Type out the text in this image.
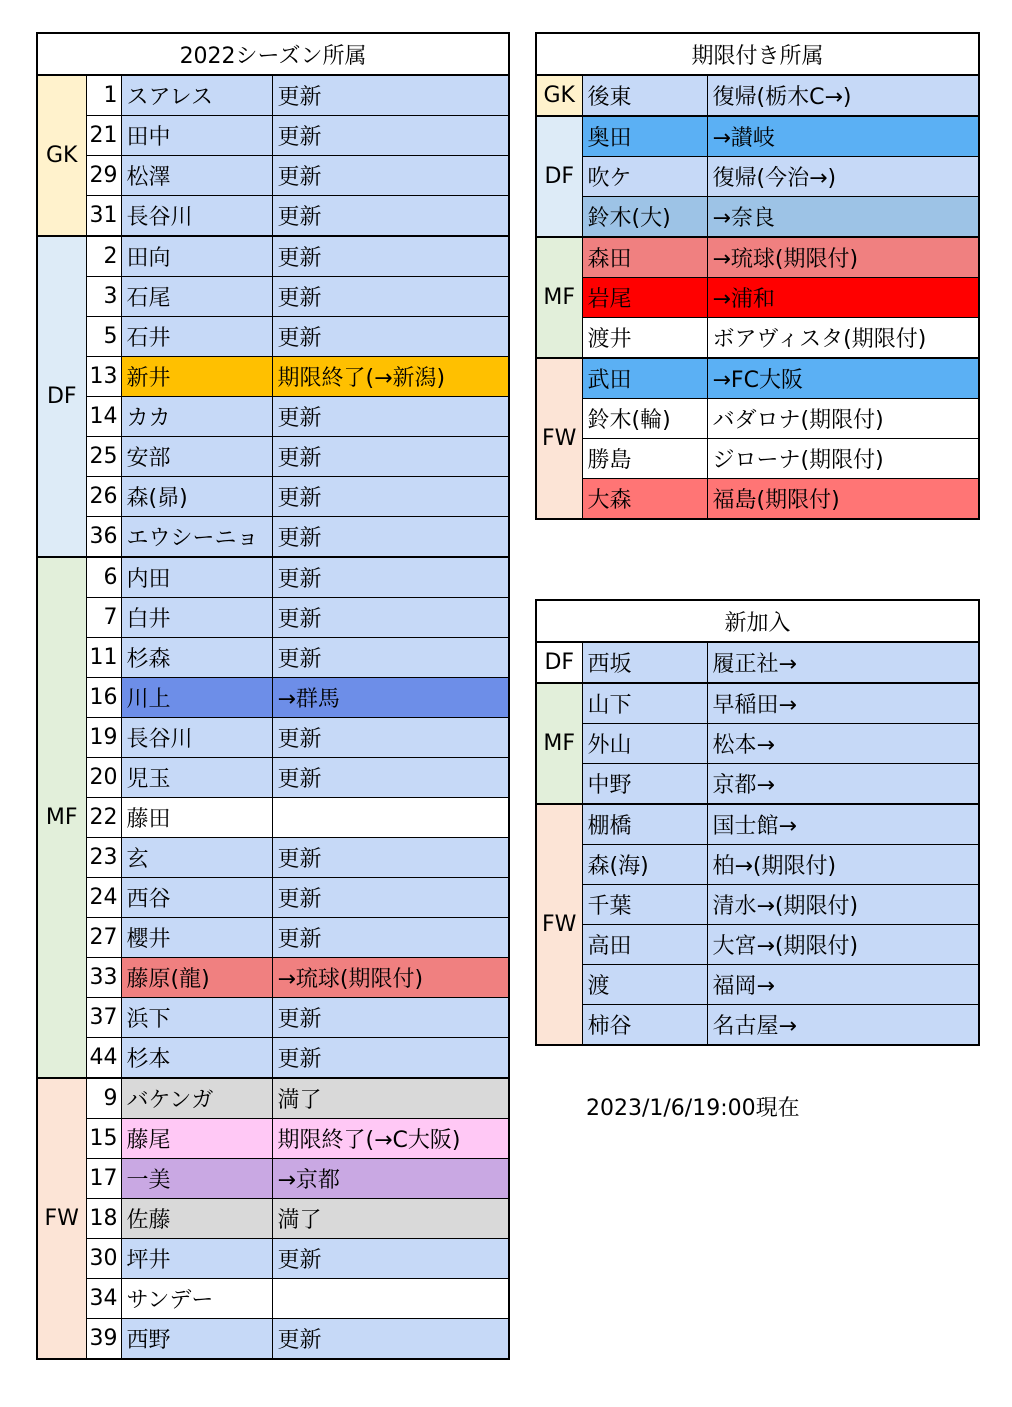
2022シーズン所属			
GK	1	スアレス	更新
	21	田中	更新
	29	松澤	更新
	31	長谷川	更新
DF	2	田向	更新
	3	石尾	更新
	5	石井	更新
	13	新井	期限終了(→新潟)
	14	カカ	更新
	25	安部	更新
	26	森(昴)	更新
	36	エウシーニョ	更新
MF	6	内田	更新
	7	白井	更新
	11	杉森	更新
	16	川上	→群馬
	19	長谷川	更新
	20	児玉	更新
	22	藤田	
	23	玄	更新
	24	西谷	更新
	27	櫻井	更新
	33	藤原(龍)	→琉球(期限付)
	37	浜下	更新
	44	杉本	更新
FW	9	バケンガ	満了
	15	藤尾	期限終了(→C大阪)
	17	一美	→京都
	18	佐藤	満了
	30	坪井	更新
	34	サンデー	
	39	西野	更新
期限付き所属		
GK	後東	復帰(栃木C→)
DF	奥田	→讃岐
	吹ケ	復帰(今治→)
	鈴木(大)	→奈良
MF	森田	→琉球(期限付)
	岩尾	→浦和
	渡井	ボアヴィスタ(期限付)
FW	武田	→FC大阪
	鈴木(輪)	バダロナ(期限付)
	勝島	ジローナ(期限付)
	大森	福島(期限付)
新加入		
DF	西坂	履正社→
MF	山下	早稲田→
	外山	松本→
	中野	京都→
FW	棚橋	国士館→
	森(海)	柏→(期限付)
	千葉	清水→(期限付)
	高田	大宮→(期限付)
	渡	福岡→
	柿谷	名古屋→
2023/1/6/19:00現在
